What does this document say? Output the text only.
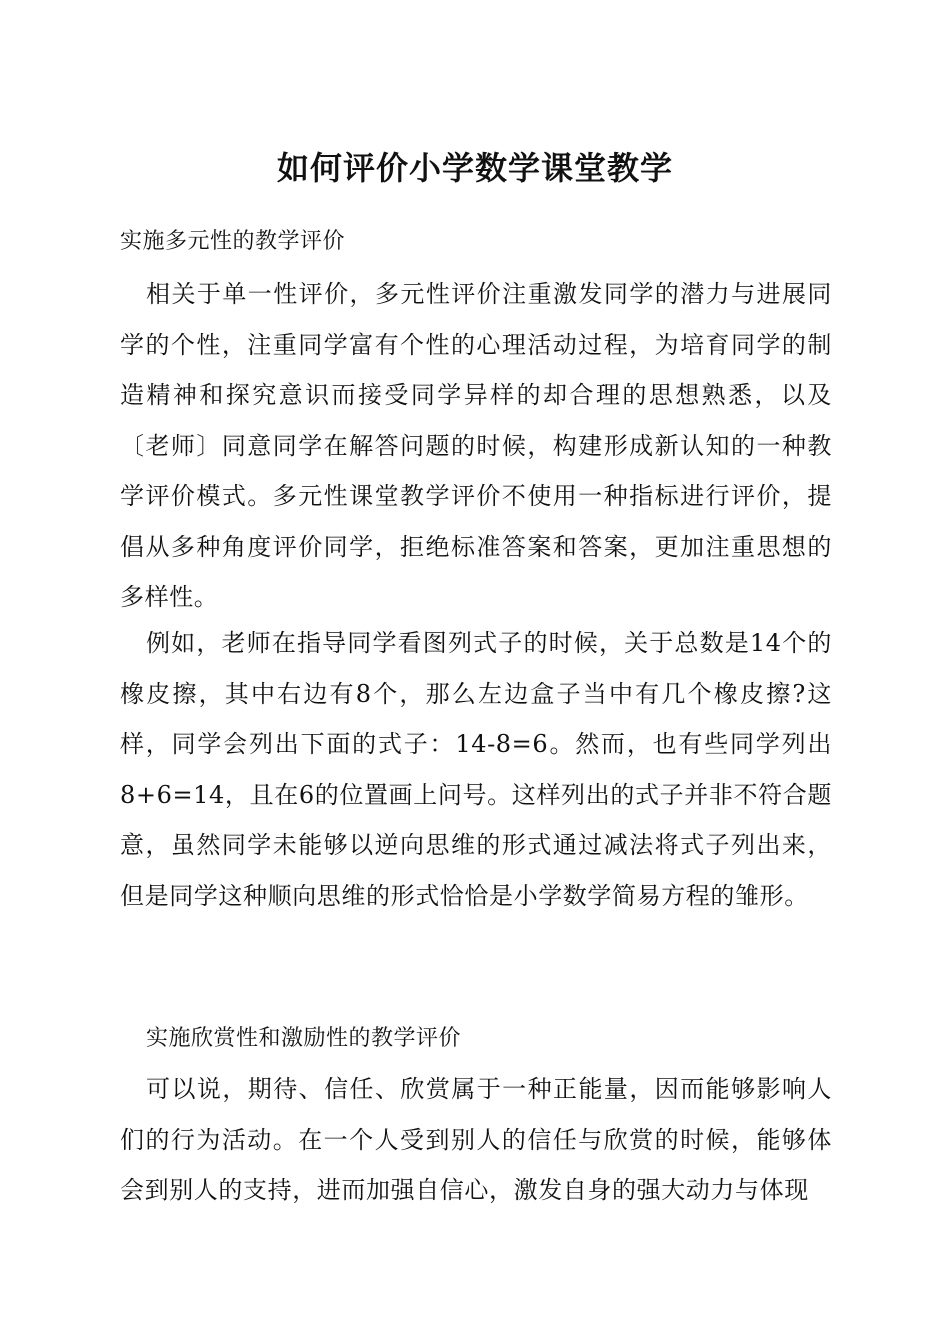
如何评价小学数学课堂教学
实施多元性的教学评价

相关于单一性评价，多元性评价注重激发同学的潜力与进展同学的个性，注重同学富有个性的心理活动过程，为培育同学的制造精神和探究意识而接受同学异样的却合理的思想熟悉，以及〔老师〕同意同学在解答问题的时候，构建形成新认知的一种教学评价模式。多元性课堂教学评价不使用一种指标进行评价，提倡从多种角度评价同学，拒绝标准答案和答案，更加注重思想的多样性。

例如，老师在指导同学看图列式子的时候，关于总数是14个的橡皮擦，其中右边有8个，那么左边盒子当中有几个橡皮擦?这样，同学会列出下面的式子：14-8=6。然而，也有些同学列出8+6=14，且在6的位置画上问号。这样列出的式子并非不符合题意，虽然同学未能够以逆向思维的形式通过减法将式子列出来，但是同学这种顺向思维的形式恰恰是小学数学简易方程的雏形。

实施欣赏性和激励性的教学评价

可以说，期待、信任、欣赏属于一种正能量，因而能够影响人们的行为活动。在一个人受到别人的信任与欣赏的时候，能够体会到别人的支持，进而加强自信心，激发自身的强大动力与体现
